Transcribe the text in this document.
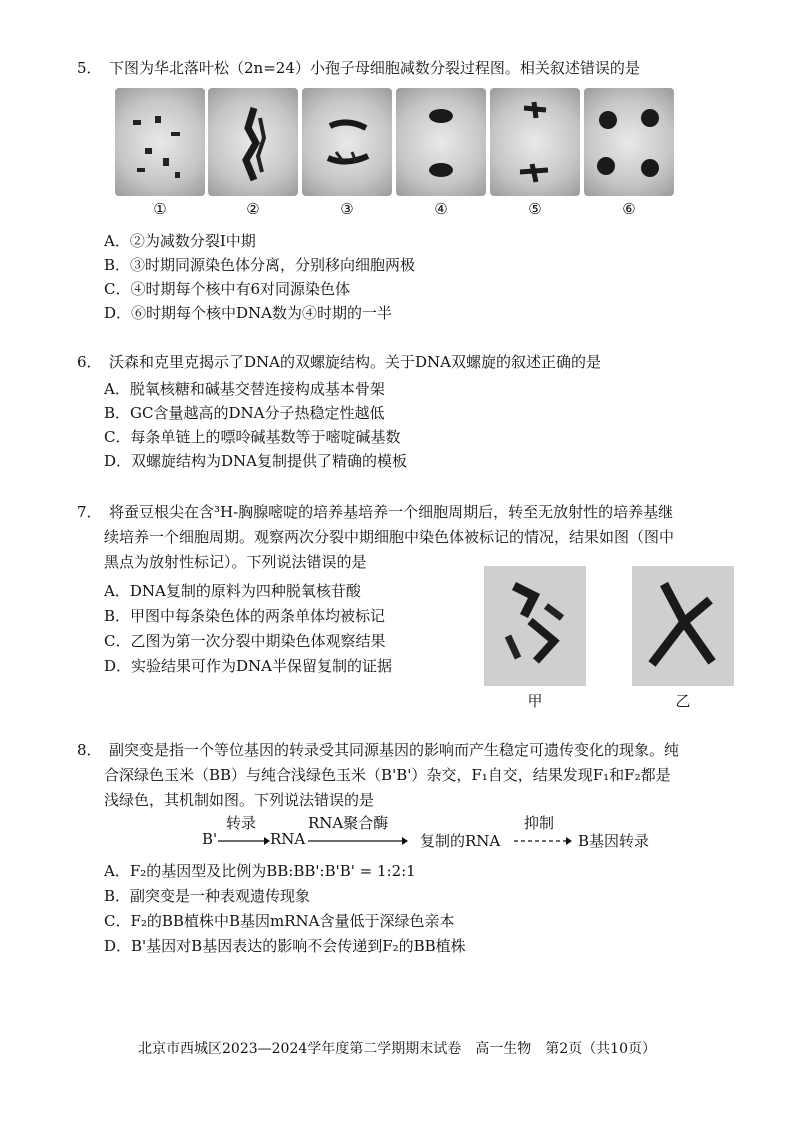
5． 下图为华北落叶松（2n=24）小孢子母细胞减数分裂过程图。相关叙述错误的是
①	②	③	④	⑤	⑥
A．②为减数分裂Ⅰ中期
B．③时期同源染色体分离，分别移向细胞两极
C．④时期每个核中有6对同源染色体
D．⑥时期每个核中DNA数为④时期的一半
6． 沃森和克里克揭示了DNA的双螺旋结构。关于DNA双螺旋的叙述正确的是
A．脱氧核糖和碱基交替连接构成基本骨架
B．GC含量越高的DNA分子热稳定性越低
C．每条单链上的嘌呤碱基数等于嘧啶碱基数
D．双螺旋结构为DNA复制提供了精确的模板
7． 将蚕豆根尖在含³H-胸腺嘧啶的培养基培养一个细胞周期后，转至无放射性的培养基继
续培养一个细胞周期。观察两次分裂中期细胞中染色体被标记的情况，结果如图（图中
黑点为放射性标记）。下列说法错误的是
A．DNA复制的原料为四种脱氧核苷酸
B．甲图中每条染色体的两条单体均被标记
C．乙图为第一次分裂中期染色体观察结果
D．实验结果可作为DNA半保留复制的证据
甲	乙
8． 副突变是指一个等位基因的转录受其同源基因的影响而产生稳定可遗传变化的现象。纯
合深绿色玉米（BB）与纯合浅绿色玉米（B'B'）杂交，F₁自交，结果发现F₁和F₂都是
浅绿色，其机制如图。下列说法错误的是
B'
转录
RNA
RNA聚合酶
复制的RNA
抑制
B基因转录
A．F₂的基因型及比例为BB:BB':B'B' = 1:2:1
B．副突变是一种表观遗传现象
C．F₂的BB植株中B基因mRNA含量低于深绿色亲本
D．B'基因对B基因表达的影响不会传递到F₂的BB植株
北京市西城区2023—2024学年度第二学期期末试卷　高一生物　第2页（共10页）
